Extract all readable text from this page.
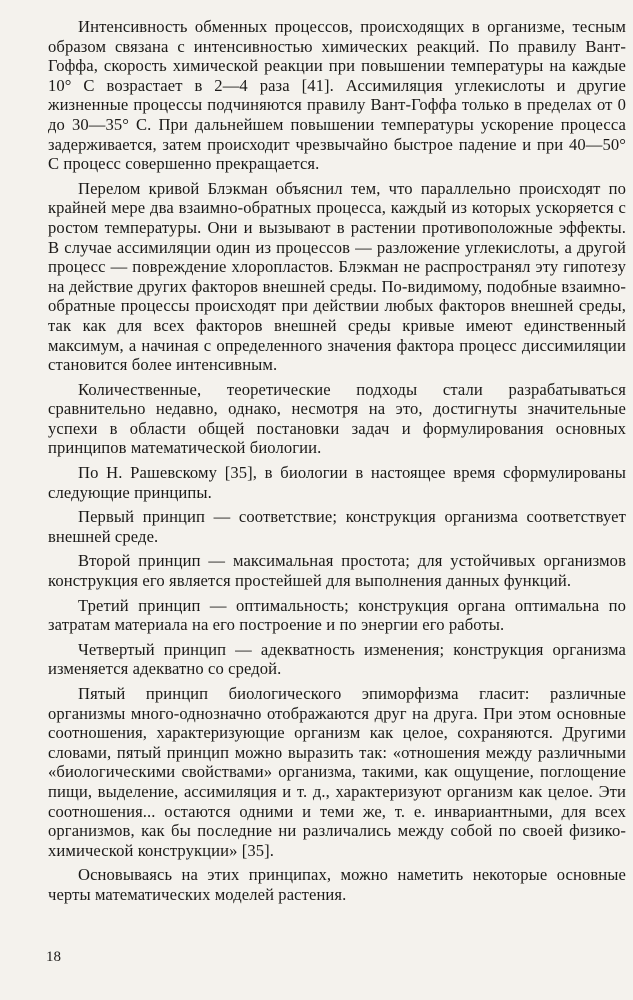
Интенсивность обменных процессов, происходящих в организме, тесным образом связана с интенсивностью химических реакций. По правилу Вант-Гоффа, скорость химической реакции при повышении температуры на каждые 10° С возрастает в 2—4 раза [41]. Ассимиляция углекислоты и другие жизненные процессы подчиняются правилу Вант-Гоффа только в пределах от 0 до 30—35° С. При дальнейшем повышении температуры ускорение процесса задерживается, затем происходит чрезвычайно быстрое падение и при 40—50° С процесс совершенно прекращается.

Перелом кривой Блэкман объяснил тем, что параллельно происходят по крайней мере два взаимно-обратных процесса, каждый из которых ускоряется с ростом температуры. Они и вызывают в растении противоположные эффекты. В случае ассимиляции один из процессов — разложение углекислоты, а другой процесс — повреждение хлоропластов. Блэкман не распространял эту гипотезу на действие других факторов внешней среды. По-видимому, подобные взаимно-обратные процессы происходят при действии любых факторов внешней среды, так как для всех факторов внешней среды кривые имеют единственный максимум, а начиная с определенного значения фактора процесс диссимиляции становится более интенсивным.

Количественные, теоретические подходы стали разрабатываться сравнительно недавно, однако, несмотря на это, достигнуты значительные успехи в области общей постановки задач и формулирования основных принципов математической биологии.

По Н. Рашевскому [35], в биологии в настоящее время сформулированы следующие принципы.

Первый принцип — соответствие; конструкция организма соответствует внешней среде.

Второй принцип — максимальная простота; для устойчивых организмов конструкция его является простейшей для выполнения данных функций.

Третий принцип — оптимальность; конструкция органа оптимальна по затратам материала на его построение и по энергии его работы.

Четвертый принцип — адекватность изменения; конструкция организма изменяется адекватно со средой.

Пятый принцип биологического эпиморфизма гласит: различные организмы много-однозначно отображаются друг на друга. При этом основные соотношения, характеризующие организм как целое, сохраняются. Другими словами, пятый принцип можно выразить так: «отношения между различными «биологическими свойствами» организма, такими, как ощущение, поглощение пищи, выделение, ассимиляция и т. д., характеризуют организм как целое. Эти соотношения... остаются одними и теми же, т. е. инвариантными, для всех организмов, как бы последние ни различались между собой по своей физико-химической конструкции» [35].

Основываясь на этих принципах, можно наметить некоторые основные черты математических моделей растения.

18
